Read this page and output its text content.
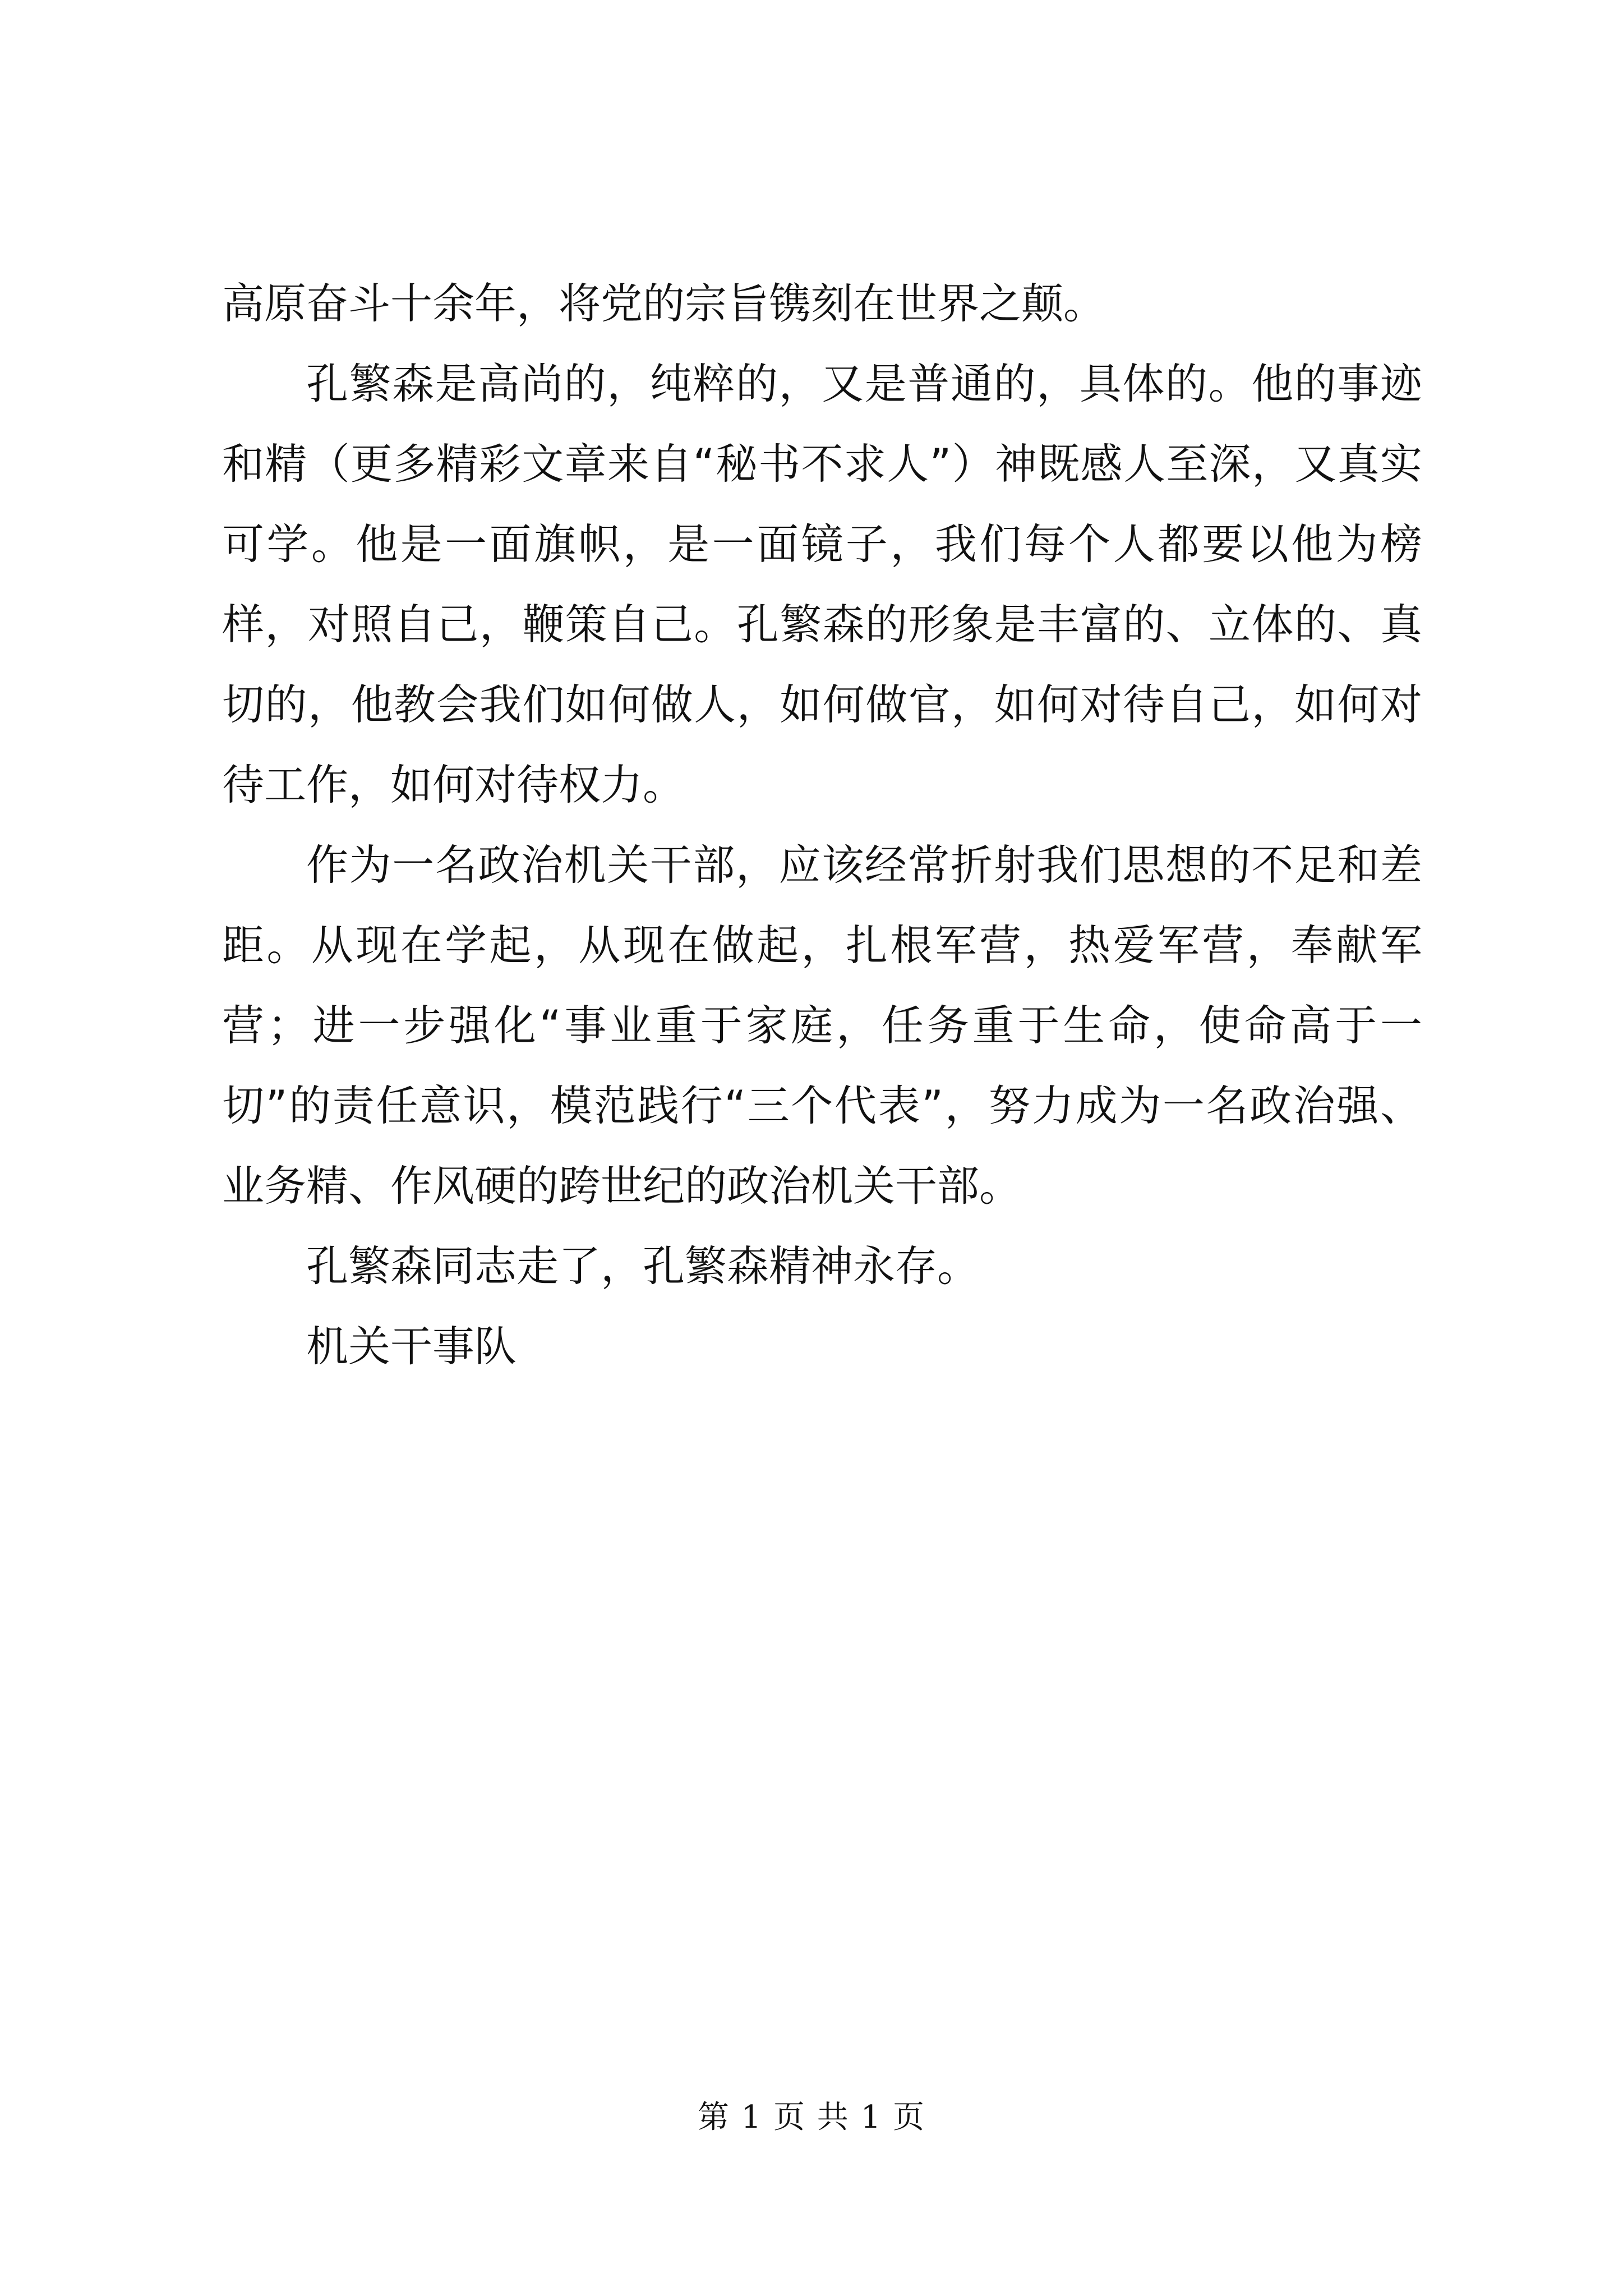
高原奋斗十余年，将党的宗旨镌刻在世界之颠。

孔繁森是高尚的，纯粹的，又是普通的，具体的。他的事迹和精（更多精彩文章来自“秘书不求人”）神既感人至深，又真实可学。他是一面旗帜，是一面镜子，我们每个人都要以他为榜样，对照自己，鞭策自己。孔繁森的形象是丰富的、立体的、真切的，他教会我们如何做人，如何做官，如何对待自己，如何对待工作，如何对待权力。

作为一名政治机关干部，应该经常折射我们思想的不足和差距。从现在学起，从现在做起，扎根军营，热爱军营，奉献军营；进一步强化“事业重于家庭，任务重于生命，使命高于一切”的责任意识，模范践行“三个代表”，努力成为一名政治强、业务精、作风硬的跨世纪的政治机关干部。

孔繁森同志走了，孔繁森精神永存。

机关干事队

第 1 页 共 1 页
